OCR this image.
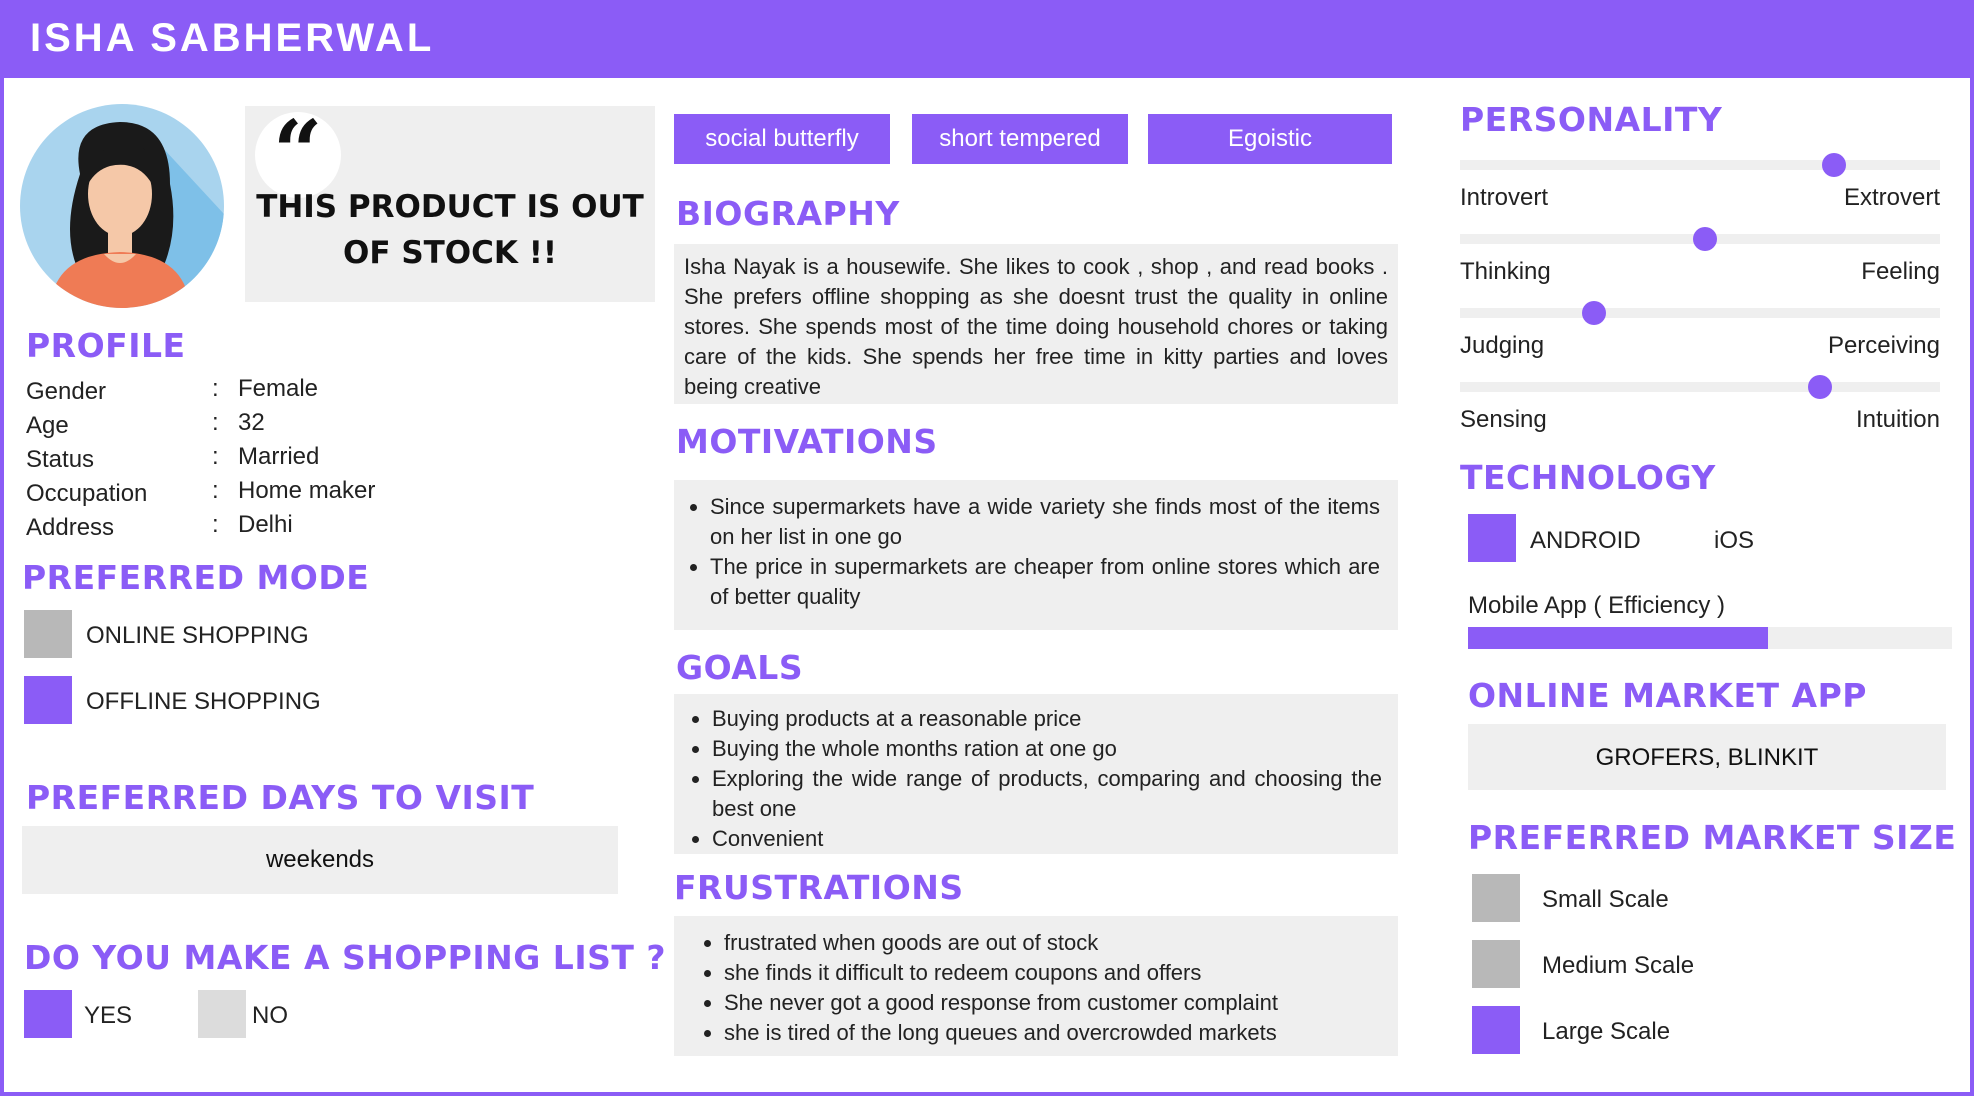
ISHA SABHERWAL
“
THIS PRODUCT IS OUT
OF STOCK !!
PROFILE
Gender	: Female
Age	: 32
Status	: Married
Occupation	: Home maker
Address	: Delhi
PREFERRED MODE
ONLINE SHOPPING
OFFLINE SHOPPING
PREFERRED DAYS TO VISIT
weekends
DO YOU MAKE A SHOPPING LIST ?
YES	NO
social butterfly	short tempered	Egoistic
BIOGRAPHY
Isha Nayak is a housewife. She likes to cook , shop , and read books . She prefers offline shopping as she doesnt trust the quality in online stores. She spends most of the time doing household chores or taking care of the kids. She spends her free time in kitty parties and loves being creative
MOTIVATIONS
Since supermarkets have a wide variety she finds most of the items on her list in one go
The price in supermarkets are cheaper from online stores which are of better quality
GOALS
Buying products at a reasonable price
Buying the whole months ration at one go
Exploring the wide range of products, comparing and choosing the best one
Convenient
FRUSTRATIONS
frustrated when goods are out of stock
she finds it difficult to redeem coupons and offers
She never got a good response from customer complaint
she is tired of the long queues and overcrowded markets
PERSONALITY
Introvert	Extrovert
Thinking	Feeling
Judging	Perceiving
Sensing	Intuition
TECHNOLOGY
ANDROID	iOS
Mobile App ( Efficiency )
ONLINE MARKET APP
GROFERS, BLINKIT
PREFERRED MARKET SIZE
Small Scale
Medium Scale
Large Scale
